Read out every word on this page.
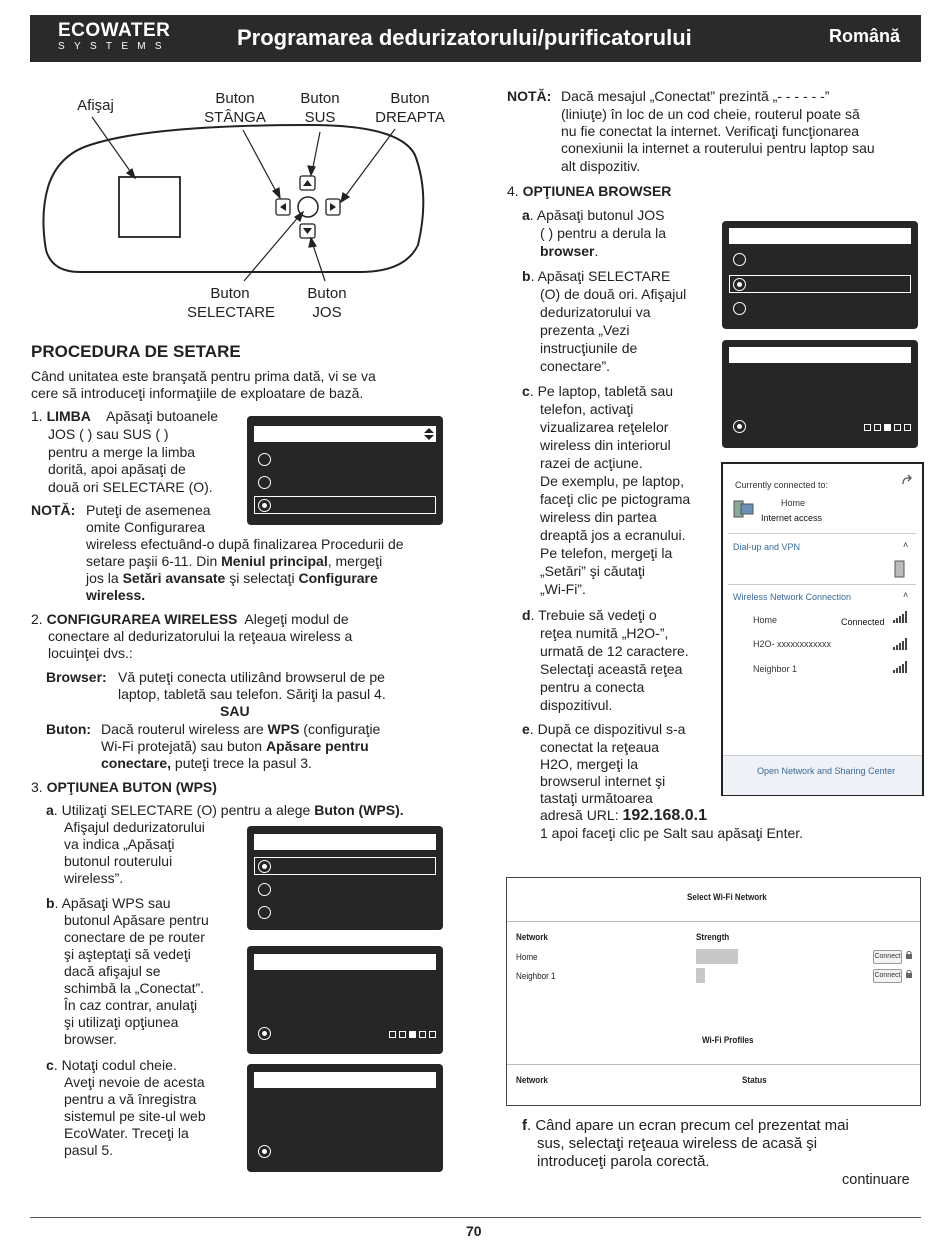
ECOWATER
SYSTEMS	Programarea dedurizatorului/purificatorului	Română
Afişaj	Buton
STÂNGA
Buton
SUS
Buton
DREAPTA
Buton
SELECTARE
Buton
JOS
PROCEDURA DE SETARE
Când unitatea este branşată pentru prima dată, vi se va
cere să introduceţi informaţiile de exploatare de bază.
1. LIMBA Apăsaţi butoanele
JOS ( ) sau SUS ( )
pentru a merge la limba
dorită, apoi apăsaţi de
două ori SELECTARE (O).
NOTĂ: Puteţi de asemenea
omite Configurarea
wireless efectuând-o după finalizarea Procedurii de
setare paşii 6-11. Din Meniul principal, mergeţi
jos la Setări avansate şi selectaţi Configurare
wireless.
2. CONFIGURAREA WIRELESS Alegeţi modul de
conectare al dedurizatorului la reţeaua wireless a
locuinţei dvs.:
Browser: Vă puteţi conecta utilizând browserul de pe
laptop, tabletă sau telefon. Săriţi la pasul 4.
SAU
Buton: Dacă routerul wireless are WPS (configuraţie
Wi-Fi protejată) sau buton Apăsare pentru
conectare, puteţi trece la pasul 3.
3. OPŢIUNEA BUTON (WPS)
a. Utilizaţi SELECTARE (O) pentru a alege Buton (WPS).
Afişajul dedurizatorului
va indica „Apăsaţi
butonul routerului
wireless”.
b. Apăsaţi WPS sau
butonul Apăsare pentru
conectare de pe router
şi aşteptaţi să vedeţi
dacă afişajul se
schimbă la „Conectat”.
În caz contrar, anulaţi
şi utilizaţi opţiunea
browser.
c. Notaţi codul cheie.
Aveţi nevoie de acesta
pentru a vă înregistra
sistemul pe site-ul web
EcoWater. Treceţi la
pasul 5.
NOTĂ: Dacă mesajul „Conectat” prezintă „- - - - - -”
(liniuţe) în loc de un cod cheie, routerul poate să
nu fie conectat la internet. Verificaţi funcţionarea
conexiunii la internet a routerului pentru laptop sau
alt dispozitiv.
4. OPŢIUNEA BROWSER
a. Apăsaţi butonul JOS
( ) pentru a derula la
browser.
b. Apăsaţi SELECTARE
(O) de două ori. Afişajul
dedurizatorului va
prezenta „Vezi
instrucţiunile de
conectare”.
c. Pe laptop, tabletă sau
telefon, activaţi
vizualizarea reţelelor
wireless din interiorul
razei de acţiune.
De exemplu, pe laptop,
faceţi clic pe pictograma
wireless din partea
dreaptă jos a ecranului.
Pe telefon, mergeţi la
„Setări” şi căutaţi
„Wi-Fi”.
d. Trebuie să vedeţi o
reţea numită „H2O-”,
urmată de 12 caractere.
Selectaţi această reţea
pentru a conecta
dispozitivul.
e. După ce dispozitivul s-a
conectat la reţeaua
H2O, mergeţi la
browserul internet şi
tastaţi următoarea
adresă URL: 192.168.0.1
1 apoi faceţi clic pe Salt sau apăsaţi Enter.
f. Când apare un ecran precum cel prezentat mai
sus, selectaţi reţeaua wireless de acasă şi
introduceţi parola corectă.
continuare
Currently connected to:
Home
Internet access
Dial-up and VPN	˄
Wireless Network Connection	˄
Home	Connected
H2O- xxxxxxxxxxxx
Neighbor 1
Open Network and Sharing Center
Select Wi-Fi Network
Network	Strength
Home	Connect
Neighbor 1	Connect
Wi-Fi Profiles
Network	Status
70
